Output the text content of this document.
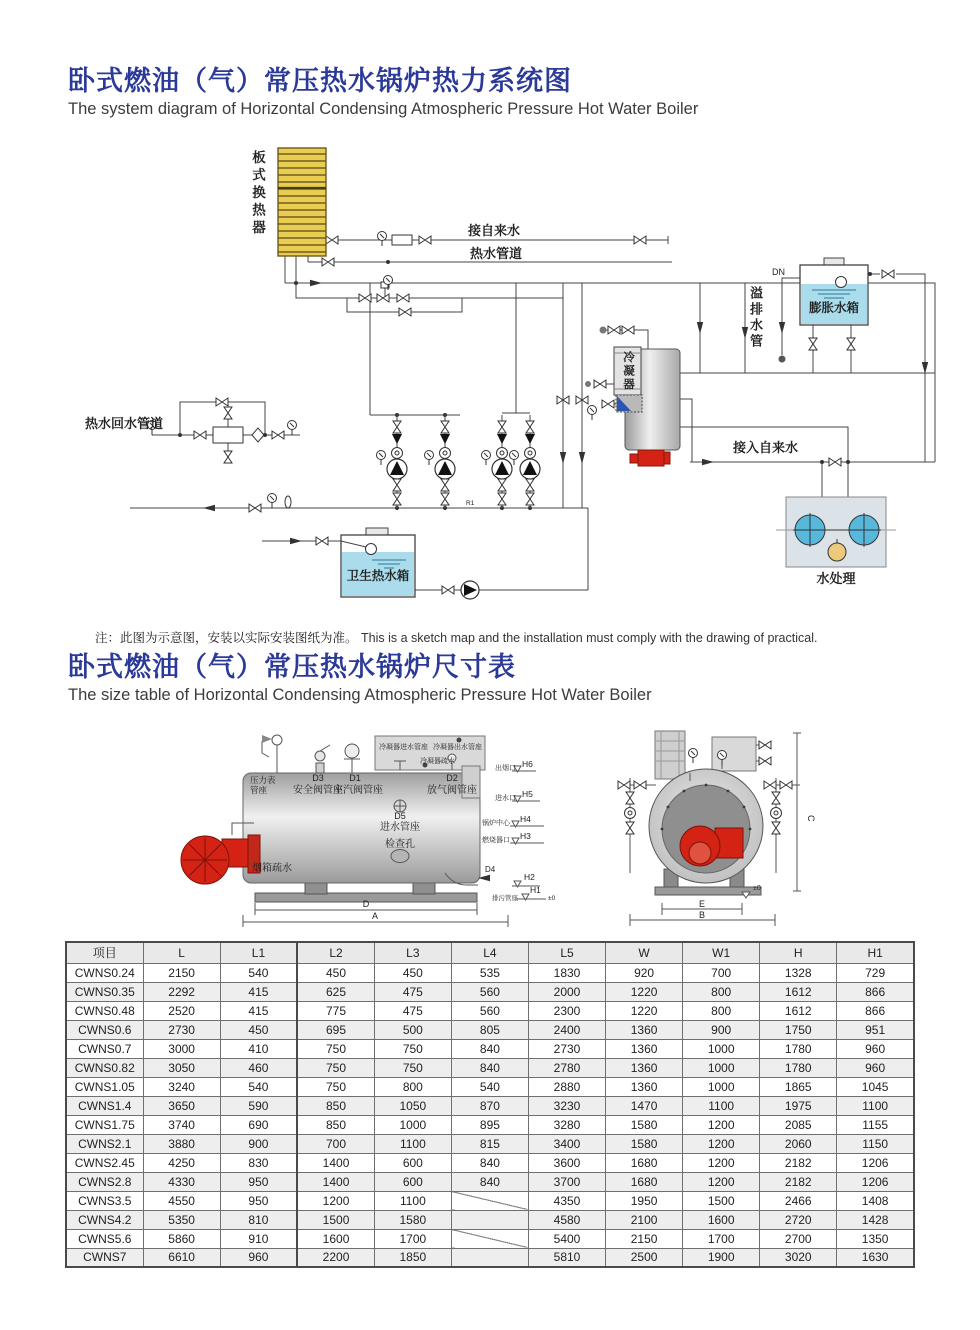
卧式燃油（气）常压热水锅炉热力系统图

The system diagram of Horizontal Condensing Atmospheric Pressure Hot Water Boiler

接自来水
热水管道
热水回水管道
DN
膨胀水箱
接入自来水
卫生热水箱	水处理
R1
板式换热器
溢排水管
冷凝器

注：此图为示意图，安装以实际安装图纸为准。 This is a sketch map and the installation must comply with the drawing of practical.

卧式燃油（气）常压热水锅炉尺寸表

The size table of Horizontal Condensing Atmospheric Pressure Hot Water Boiler

D3
安全阀管座
D1
主汽阀管座
D2
放气阀管座
D5
进水管座
检查孔
烟箱疏水
冷凝器进水管座 冷凝器出水管座
冷凝器疏水
D4
出烟口 H6
进水口 H5
锅炉中心 H4
燃烧器口 H3
H2
H1
排污管座	±0
D
A
E
B
C
±0
压力表管座
项目	L	L1	L2	L3	L4	L5	W	W1	H	H1
CWNS0.24	2150	540	450	450	535	1830	920	700	1328	729
CWNS0.35	2292	415	625	475	560	2000	1220	800	1612	866
CWNS0.48	2520	415	775	475	560	2300	1220	800	1612	866
CWNS0.6	2730	450	695	500	805	2400	1360	900	1750	951
CWNS0.7	3000	410	750	750	840	2730	1360	1000	1780	960
CWNS0.82	3050	460	750	750	840	2780	1360	1000	1780	960
CWNS1.05	3240	540	750	800	540	2880	1360	1000	1865	1045
CWNS1.4	3650	590	850	1050	870	3230	1470	1100	1975	1100
CWNS1.75	3740	690	850	1000	895	3280	1580	1200	2085	1155
CWNS2.1	3880	900	700	1100	815	3400	1580	1200	2060	1150
CWNS2.45	4250	830	1400	600	840	3600	1680	1200	2182	1206
CWNS2.8	4330	950	1400	600	840	3700	1680	1200	2182	1206
CWNS3.5	4550	950	1200	1100		4350	1950	1500	2466	1408
CWNS4.2	5350	810	1500	1580		4580	2100	1600	2720	1428
CWNS5.6	5860	910	1600	1700		5400	2150	1700	2700	1350
CWNS7	6610	960	2200	1850		5810	2500	1900	3020	1630
